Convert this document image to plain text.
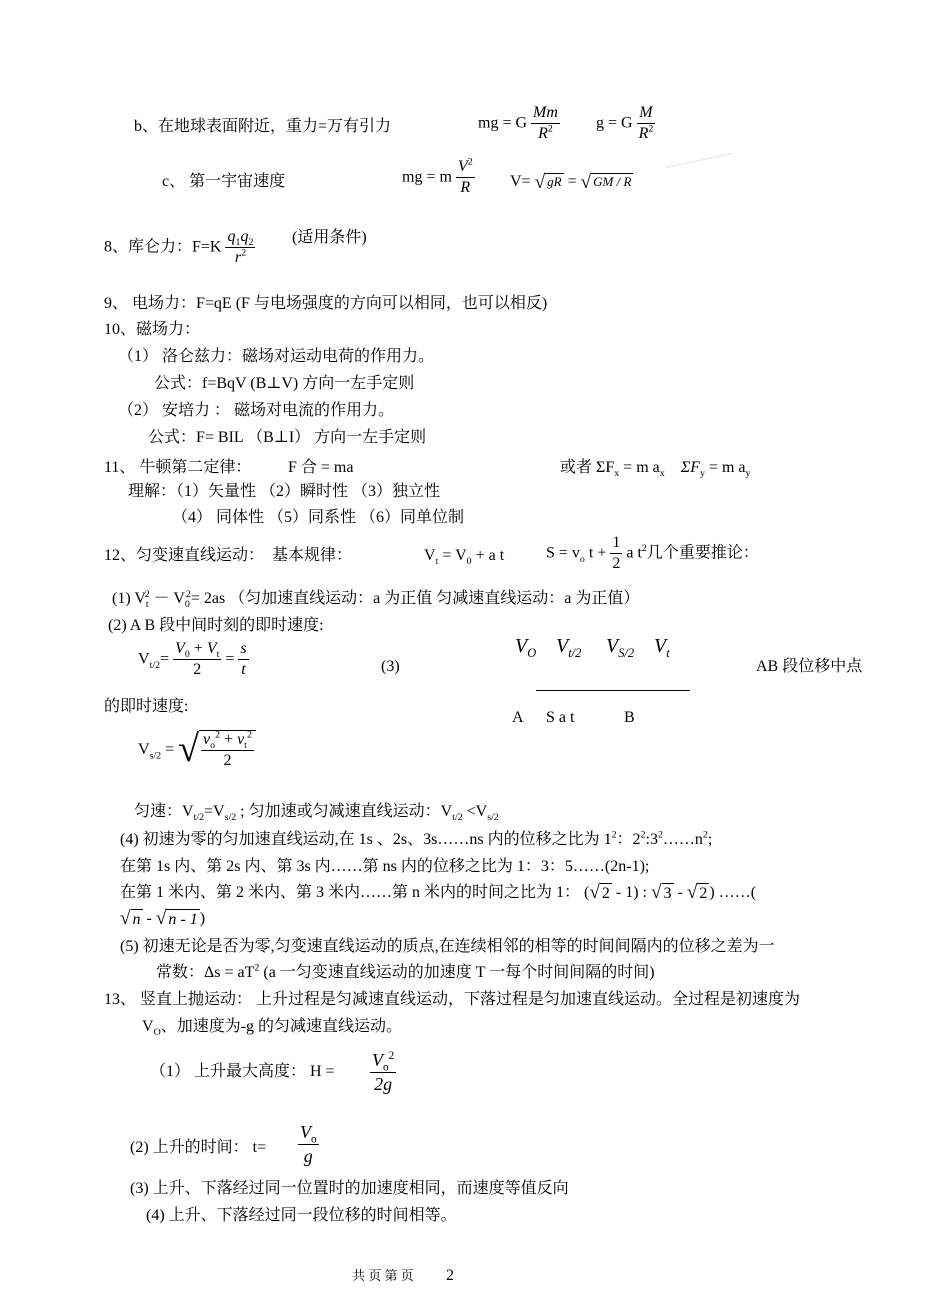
b、在地球表面附近，重力=万有引力	mg = G $\frac{Mm}{R^2}$ g = G $\frac{M}{R^2}$
c、 第一宇宙速度	mg = m $\frac{V^2}{R} V=$ √ gR = √ GM / R
8、库仑力：$F=K \frac{q_1q_2}{r^2}$ (适用条件)
9、 电场力：F=qE (F 与电场强度的方向可以相同，也可以相反)
10、磁场力：
（1） 洛仑兹力：磁场对运动电荷的作用力。
公式：f=BqV (B⊥V) 方向一左手定则
（2） 安培力 ： 磁场对电流的作用力。
公式：F= BIL （B⊥I） 方向一左手定则
11、 牛顿第二定律： F 合 = ma	或者 $\Sigma F_x = m$ $a_x$ $\Sigma F_y = m$ $a_y$
理解：（1）矢量性 （2）瞬时性 （3）独立性
（4） 同体性 （5）同系性 （6）同单位制
12、匀变速直线运动：　基本规律：	$V_t = V_0 + a$ t	$S = v_o$ $t + \frac{1}{2}$ a $t^2$几个重要推论：
(1) $V_t^2 - V_0^2= 2as$ （匀加速直线运动：a 为正值 匀减速直线运动：a 为正值）
(2) A B 段中间时刻的即时速度:
$V_{t/2}= \frac{V_0 + V_t}{2} = \frac{s}{t}$	(3)
$V_O$ $V_{t/2}$ $V_{S/2}$ $V_t$
A S a t	B
AB 段位移中点
的即时速度:
$V_{s/2}$ = √ $\frac{v_o^2 + v_t^2}{2}$
匀速：$V_{t/2}=V_{s/2}$ ; 匀加速或匀减速直线运动：$V_{t/2} <V_{s/2}$
(4) 初速为零的匀加速直线运动,在 1s 、2s、3s……ns 内的位移之比为 $1^2$：$2^2:3^2\dots\dots n^2$;
在第 1s 内、第 2s 内、第 3s 内……第 ns 内的位移之比为 1：3：5……(2n-1);
在第 1 米内、第 2 米内、第 3 米内……第 n 米内的时间之比为 1： ( √ 2 - 1) : √ 3 - √ 2 ) ……(
√ n - √ n - 1 )
(5) 初速无论是否为零,匀变速直线运动的质点,在连续相邻的相等的时间间隔内的位移之差为一
常数：$\Delta s = aT^2$ (a 一匀变速直线运动的加速度 T 一每个时间间隔的时间)
13、 竖直上抛运动： 上升过程是匀减速直线运动，下落过程是匀加速直线运动。全过程是初速度为
$V_O$、加速度为-g 的匀减速直线运动。
（1） 上升最大高度： $H = \frac{V_o^2}{2g}$
(2) 上升的时间： $t= \frac{V_o}{g}$
(3) 上升、下落经过同一位置时的加速度相同，而速度等值反向
(4) 上升、下落经过同一段位移的时间相等。
共 页 第 页 2
